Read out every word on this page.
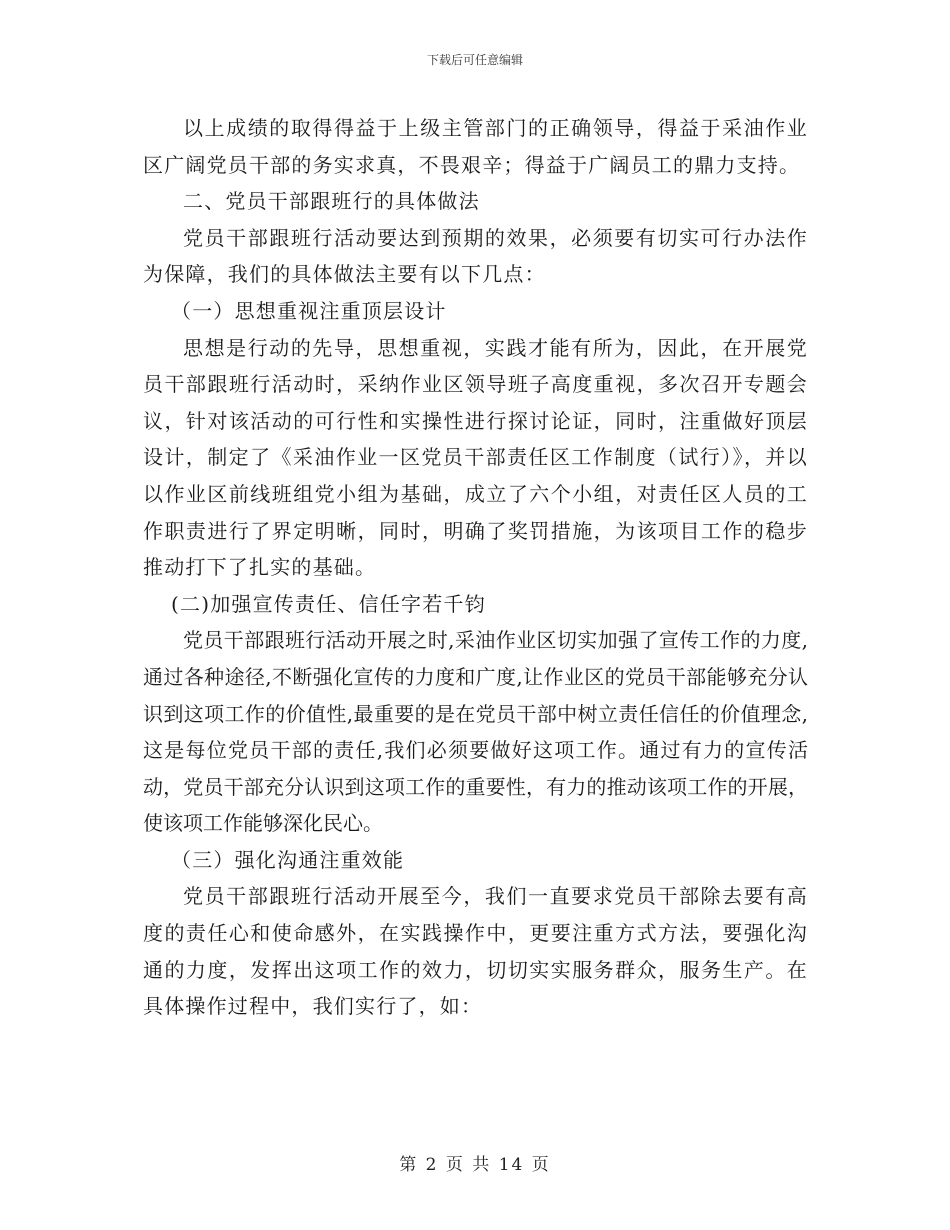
下载后可任意编辑

以上成绩的取得得益于上级主管部门的正确领导，得益于采油作业区广阔党员干部的务实求真，不畏艰辛；得益于广阔员工的鼎力支持。

二、党员干部跟班行的具体做法

党员干部跟班行活动要达到预期的效果，必须要有切实可行办法作为保障，我们的具体做法主要有以下几点：

（一）思想重视注重顶层设计

思想是行动的先导，思想重视，实践才能有所为，因此，在开展党员干部跟班行活动时，采纳作业区领导班子高度重视，多次召开专题会议，针对该活动的可行性和实操性进行探讨论证，同时，注重做好顶层设计，制定了《采油作业一区党员干部责任区工作制度（试行）》，并以以作业区前线班组党小组为基础，成立了六个小组，对责任区人员的工作职责进行了界定明晰，同时，明确了奖罚措施，为该项目工作的稳步推动打下了扎实的基础。

(二)加强宣传责任、信任字若千钧

党员干部跟班行活动开展之时,采油作业区切实加强了宣传工作的力度,通过各种途径,不断强化宣传的力度和广度,让作业区的党员干部能够充分认识到这项工作的价值性,最重要的是在党员干部中树立责任信任的价值理念,这是每位党员干部的责任,我们必须要做好这项工作。通过有力的宣传活动，党员干部充分认识到这项工作的重要性，有力的推动该项工作的开展，使该项工作能够深化民心。

（三）强化沟通注重效能

党员干部跟班行活动开展至今，我们一直要求党员干部除去要有高度的责任心和使命感外，在实践操作中，更要注重方式方法，要强化沟通的力度，发挥出这项工作的效力，切切实实服务群众，服务生产。在具体操作过程中，我们实行了，如：

第 2 页 共 14 页
